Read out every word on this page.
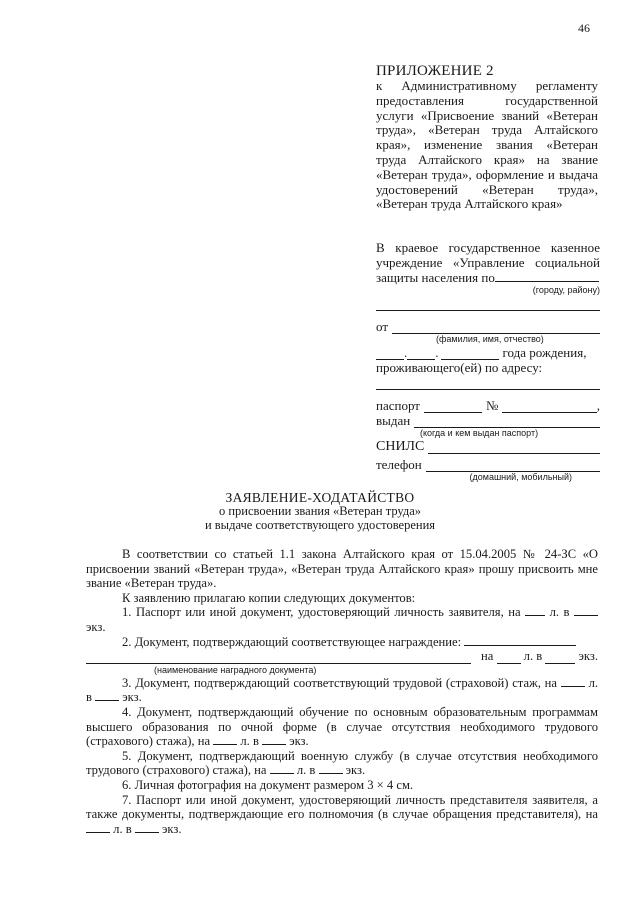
46
ПРИЛОЖЕНИЕ 2
к Административному регламенту предоставления государственной услуги «Присвоение званий «Ветеран труда», «Ветеран труда Алтайского края», изменение звания «Ветеран труда Алтайского края» на звание «Ветеран труда», оформление и выдача удостоверений «Ветеран труда», «Ветеран труда Алтайского края»

В краевое государственное казенное учреждение «Управление социальной защиты населения по

(городу, району)
от
(фамилия, имя, отчество)
. .	года рождения,
проживающего(ей) по адресу:
паспорт	№	,
выдан
(когда и кем выдан паспорт)
СНИЛС
телефон
(домашний, мобильный)
ЗАЯВЛЕНИЕ-ХОДАТАЙСТВО
о присвоении звания «Ветеран труда»
и выдаче соответствующего удостоверения

В соответствии со статьей 1.1 закона Алтайского края от 15.04.2005 № 24-ЗС «О присвоении званий «Ветеран труда», «Ветеран труда Алтайского края» прошу присвоить мне звание «Ветеран труда».

К заявлению прилагаю копии следующих документов:

1. Паспорт или иной документ, удостоверяющий личность заявителя, на л. в  экз.

2. Документ, подтверждающий соответствующее награждение:

на

л. в

	экз.
(наименование наградного документа)

3. Документ, подтверждающий соответствующий трудовой (страховой) стаж, на	л. в экз.

4. Документ, подтверждающий обучение по основным образовательным программам высшего образования по очной форме (в случае отсутствия необходимого трудового (страхового) стажа), на л. в экз.

5. Документ, подтверждающий военную службу (в случае отсутствия необходимого трудового (страхового) стажа), на л. в экз.

6. Личная фотография на документ размером 3 × 4 см.

7. Паспорт или иной документ, удостоверяющий личность представителя заявителя, а также документы, подтверждающие его полномочия (в случае обращения представителя), на  л. в экз.
